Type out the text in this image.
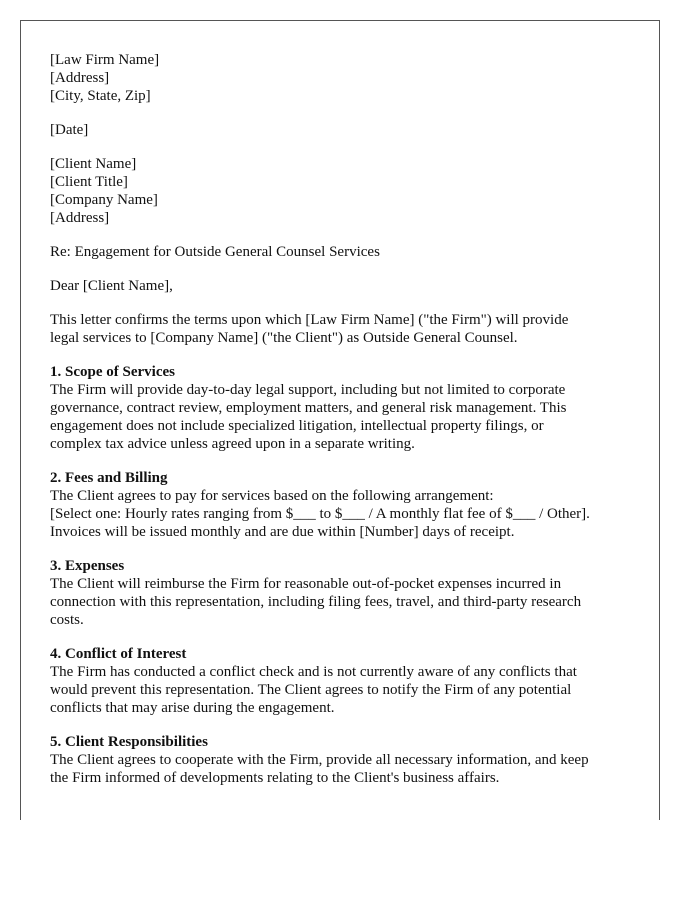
[Law Firm Name]
[Address]
[City, State, Zip]
[Date]
[Client Name]
[Client Title]
[Company Name]
[Address]
Re: Engagement for Outside General Counsel Services
Dear [Client Name],
This letter confirms the terms upon which [Law Firm Name] ("the Firm") will provide
legal services to [Company Name] ("the Client") as Outside General Counsel.
1. Scope of Services
The Firm will provide day-to-day legal support, including but not limited to corporate
governance, contract review, employment matters, and general risk management. This
engagement does not include specialized litigation, intellectual property filings, or
complex tax advice unless agreed upon in a separate writing.
2. Fees and Billing
The Client agrees to pay for services based on the following arrangement:
[Select one: Hourly rates ranging from $___ to $___ / A monthly flat fee of $___ / Other].
Invoices will be issued monthly and are due within [Number] days of receipt.
3. Expenses
The Client will reimburse the Firm for reasonable out-of-pocket expenses incurred in
connection with this representation, including filing fees, travel, and third-party research
costs.
4. Conflict of Interest
The Firm has conducted a conflict check and is not currently aware of any conflicts that
would prevent this representation. The Client agrees to notify the Firm of any potential
conflicts that may arise during the engagement.
5. Client Responsibilities
The Client agrees to cooperate with the Firm, provide all necessary information, and keep
the Firm informed of developments relating to the Client's business affairs.
